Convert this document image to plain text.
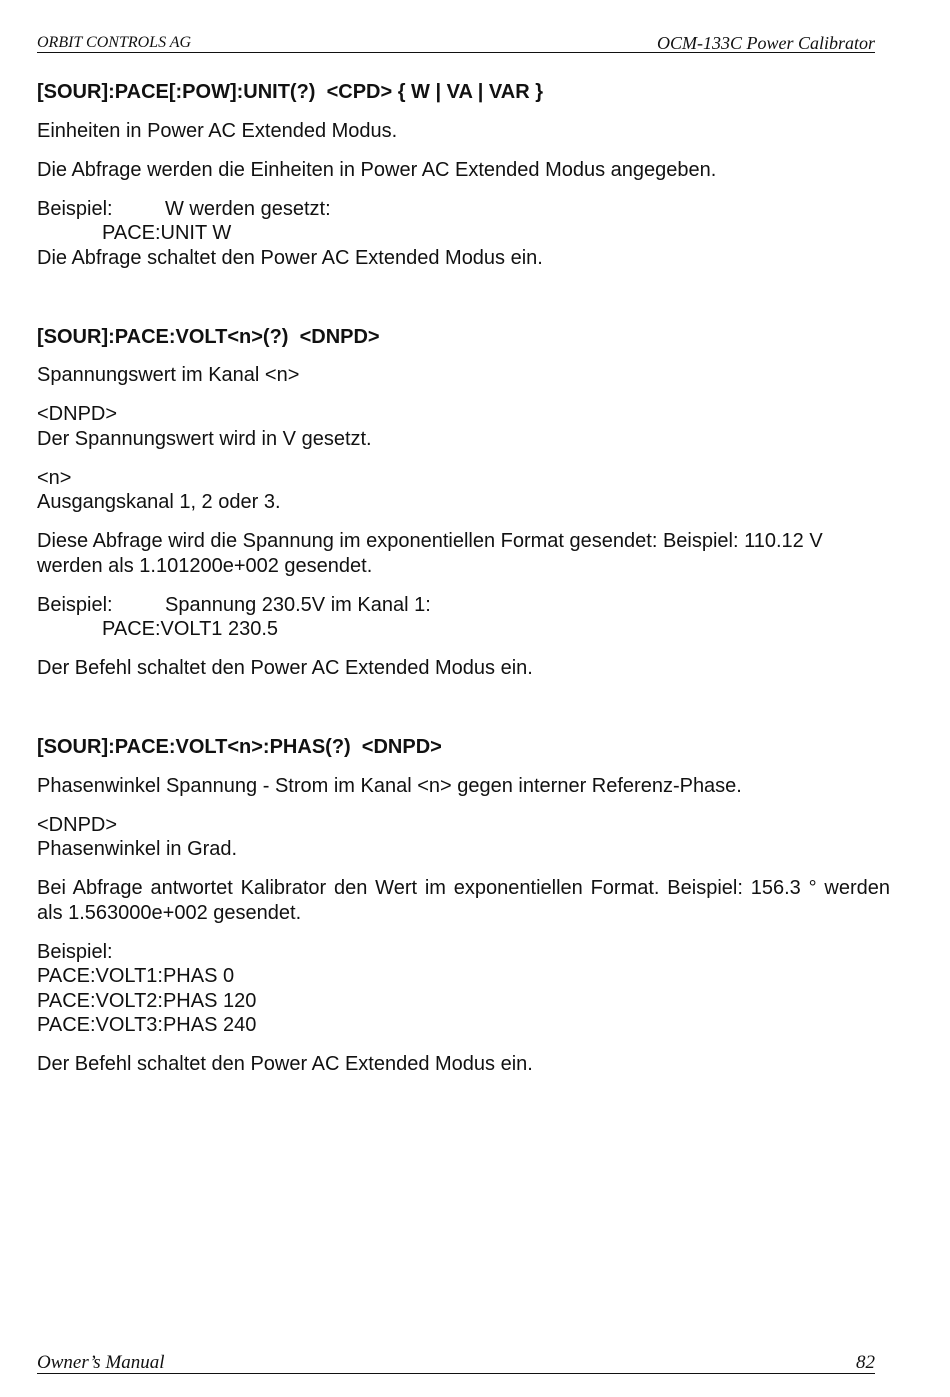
ORBIT CONTROLS AG	OCM-133C Power Calibrator
[SOUR]:PACE[:POW]:UNIT(?)  <CPD> { W | VA | VAR }

Einheiten in Power AC Extended Modus.

Die Abfrage werden die Einheiten in Power AC Extended Modus angegeben.

Beispiel:	W werden gesetzt:
PACE:UNIT W
Die Abfrage schaltet den Power AC Extended Modus ein.

[SOUR]:PACE:VOLT<n>(?)  <DNPD>

Spannungswert im Kanal <n>

<DNPD>
Der Spannungswert wird in V gesetzt.

<n>
Ausgangskanal 1, 2 oder 3.

Diese Abfrage wird die Spannung im exponentiellen Format gesendet: Beispiel: 110.12 V werden als 1.101200e+002 gesendet.

Beispiel:	Spannung 230.5V im Kanal 1:
PACE:VOLT1 230.5

Der Befehl schaltet den Power AC Extended Modus ein.

[SOUR]:PACE:VOLT<n>:PHAS(?)  <DNPD>

Phasenwinkel Spannung - Strom im Kanal <n> gegen interner Referenz-Phase.

<DNPD>
Phasenwinkel in Grad.

Bei Abfrage antwortet Kalibrator den Wert im exponentiellen Format. Beispiel: 156.3 ° werden als 1.563000e+002 gesendet.

Beispiel:
PACE:VOLT1:PHAS 0
PACE:VOLT2:PHAS 120
PACE:VOLT3:PHAS 240

Der Befehl schaltet den Power AC Extended Modus ein.

Owner’s Manual	82
